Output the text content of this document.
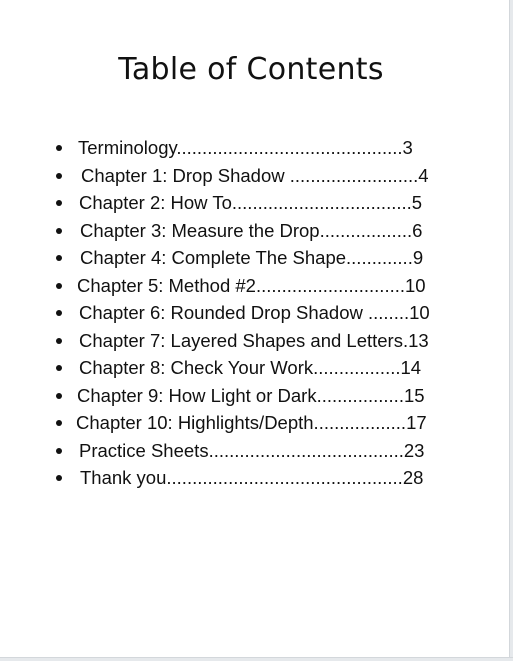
Table of Contents
Terminology............................................3
Chapter 1: Drop Shadow .........................4
Chapter 2: How To...................................5
Chapter 3: Measure the Drop..................6
Chapter 4: Complete The Shape.............9
Chapter 5: Method #2.............................10
Chapter 6: Rounded Drop Shadow ........10
Chapter 7: Layered Shapes and Letters.13
Chapter 8: Check Your Work.................14
Chapter 9: How Light or Dark.................15
Chapter 10: Highlights/Depth..................17
Practice Sheets......................................23
Thank you..............................................28
